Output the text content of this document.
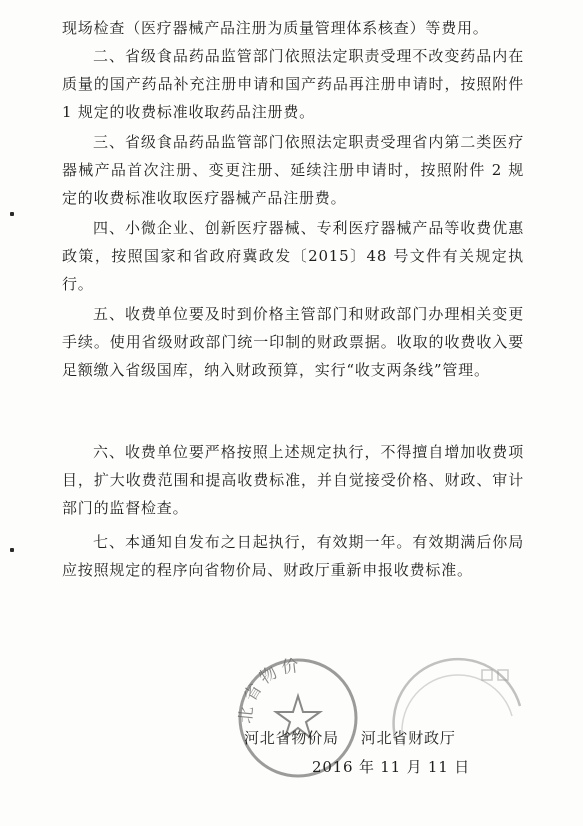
现场检查（医疗器械产品注册为质量管理体系核查）等费用。
二、省级食品药品监管部门依照法定职责受理不改变药品内在质量的国产药品补充注册申请和国产药品再注册申请时，按照附件 1 规定的收费标准收取药品注册费。
三、省级食品药品监管部门依照法定职责受理省内第二类医疗器械产品首次注册、变更注册、延续注册申请时，按照附件 2 规定的收费标准收取医疗器械产品注册费。
四、小微企业、创新医疗器械、专利医疗器械产品等收费优惠政策，按照国家和省政府冀政发〔2015〕48 号文件有关规定执行。
五、收费单位要及时到价格主管部门和财政部门办理相关变更手续。使用省级财政部门统一印制的财政票据。收取的收费收入要足额缴入省级国库，纳入财政预算，实行“收支两条线”管理。
六、收费单位要严格按照上述规定执行，不得擅自增加收费项目，扩大收费范围和提高收费标准，并自觉接受价格、财政、审计部门的监督检查。
七、本通知自发布之日起执行，有效期一年。有效期满后你局应按照规定的程序向省物价局、财政厅重新申报收费标准。
北省物价
河北省物价局 河北省财政厅
2016 年 11 月 11 日
